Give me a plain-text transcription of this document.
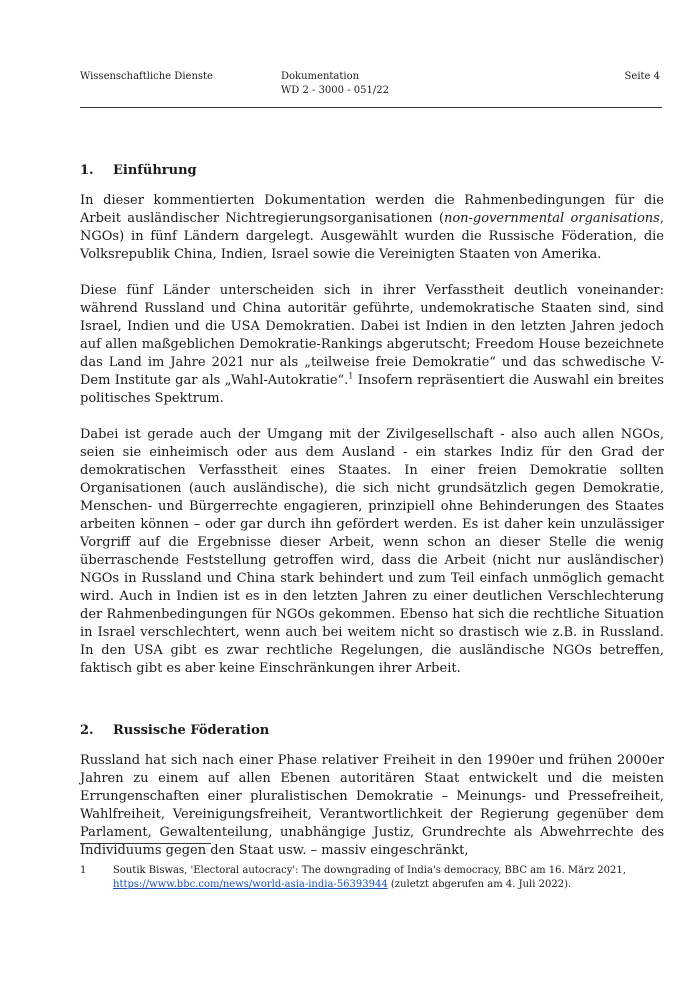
Wissenschaftliche Dienste	Dokumentation
WD 2 - 3000 - 051/22
Seite 4
1.	Einführung

In dieser kommentierten Dokumentation werden die Rahmenbedingungen für die Arbeit ausländischer Nichtregierungsorganisationen (non-governmental organisations, NGOs) in fünf Ländern dargelegt. Ausgewählt wurden die Russische Föderation, die Volksrepublik China, Indien, Israel sowie die Vereinigten Staaten von Amerika.

Diese fünf Länder unterscheiden sich in ihrer Verfasstheit deutlich voneinander: während Russland und China autoritär geführte, undemokratische Staaten sind, sind Israel, Indien und die USA Demokratien. Dabei ist Indien in den letzten Jahren jedoch auf allen maßgeblichen Demokratie-Rankings abgerutscht; Freedom House bezeichnete das Land im Jahre 2021 nur als „teilweise freie Demokratie“ und das schwedische V-Dem Institute gar als „Wahl-Autokratie“.$^1$ Insofern repräsentiert die Auswahl ein breites politisches Spektrum.

Dabei ist gerade auch der Umgang mit der Zivilgesellschaft - also auch allen NGOs, seien sie einheimisch oder aus dem Ausland - ein starkes Indiz für den Grad der demokratischen Verfasstheit eines Staates. In einer freien Demokratie sollten Organisationen (auch ausländische), die sich nicht grundsätzlich gegen Demokratie, Menschen- und Bürgerrechte engagieren, prinzipiell ohne Behinderungen des Staates arbeiten können – oder gar durch ihn gefördert werden. Es ist daher kein unzulässiger Vorgriff auf die Ergebnisse dieser Arbeit, wenn schon an dieser Stelle die wenig überraschende Feststellung getroffen wird, dass die Arbeit (nicht nur ausländischer) NGOs in Russland und China stark behindert und zum Teil einfach unmöglich gemacht wird. Auch in Indien ist es in den letzten Jahren zu einer deutlichen Verschlechterung der Rahmenbedingungen für NGOs gekommen. Ebenso hat sich die rechtliche Situation in Israel verschlechtert, wenn auch bei weitem nicht so drastisch wie z.B. in Russland. In den USA gibt es zwar rechtliche Regelungen, die ausländische NGOs betreffen, faktisch gibt es aber keine Einschränkungen ihrer Arbeit.

2.	Russische Föderation

Russland hat sich nach einer Phase relativer Freiheit in den 1990er und frühen 2000er Jahren zu einem auf allen Ebenen autoritären Staat entwickelt und die meisten Errungenschaften einer pluralistischen Demokratie – Meinungs- und Pressefreiheit, Wahlfreiheit, Vereinigungsfreiheit, Verantwortlichkeit der Regierung gegenüber dem Parlament, Gewaltenteilung, unabhängige Justiz, Grundrechte als Abwehrrechte des Individuums gegen den Staat usw. – massiv eingeschränkt,

1	Soutik Biswas, 'Electoral autocracy': The downgrading of India's democracy, BBC am 16. März 2021,
https://www.bbc.com/news/world-asia-india-56393944 (zuletzt abgerufen am 4. Juli 2022).
